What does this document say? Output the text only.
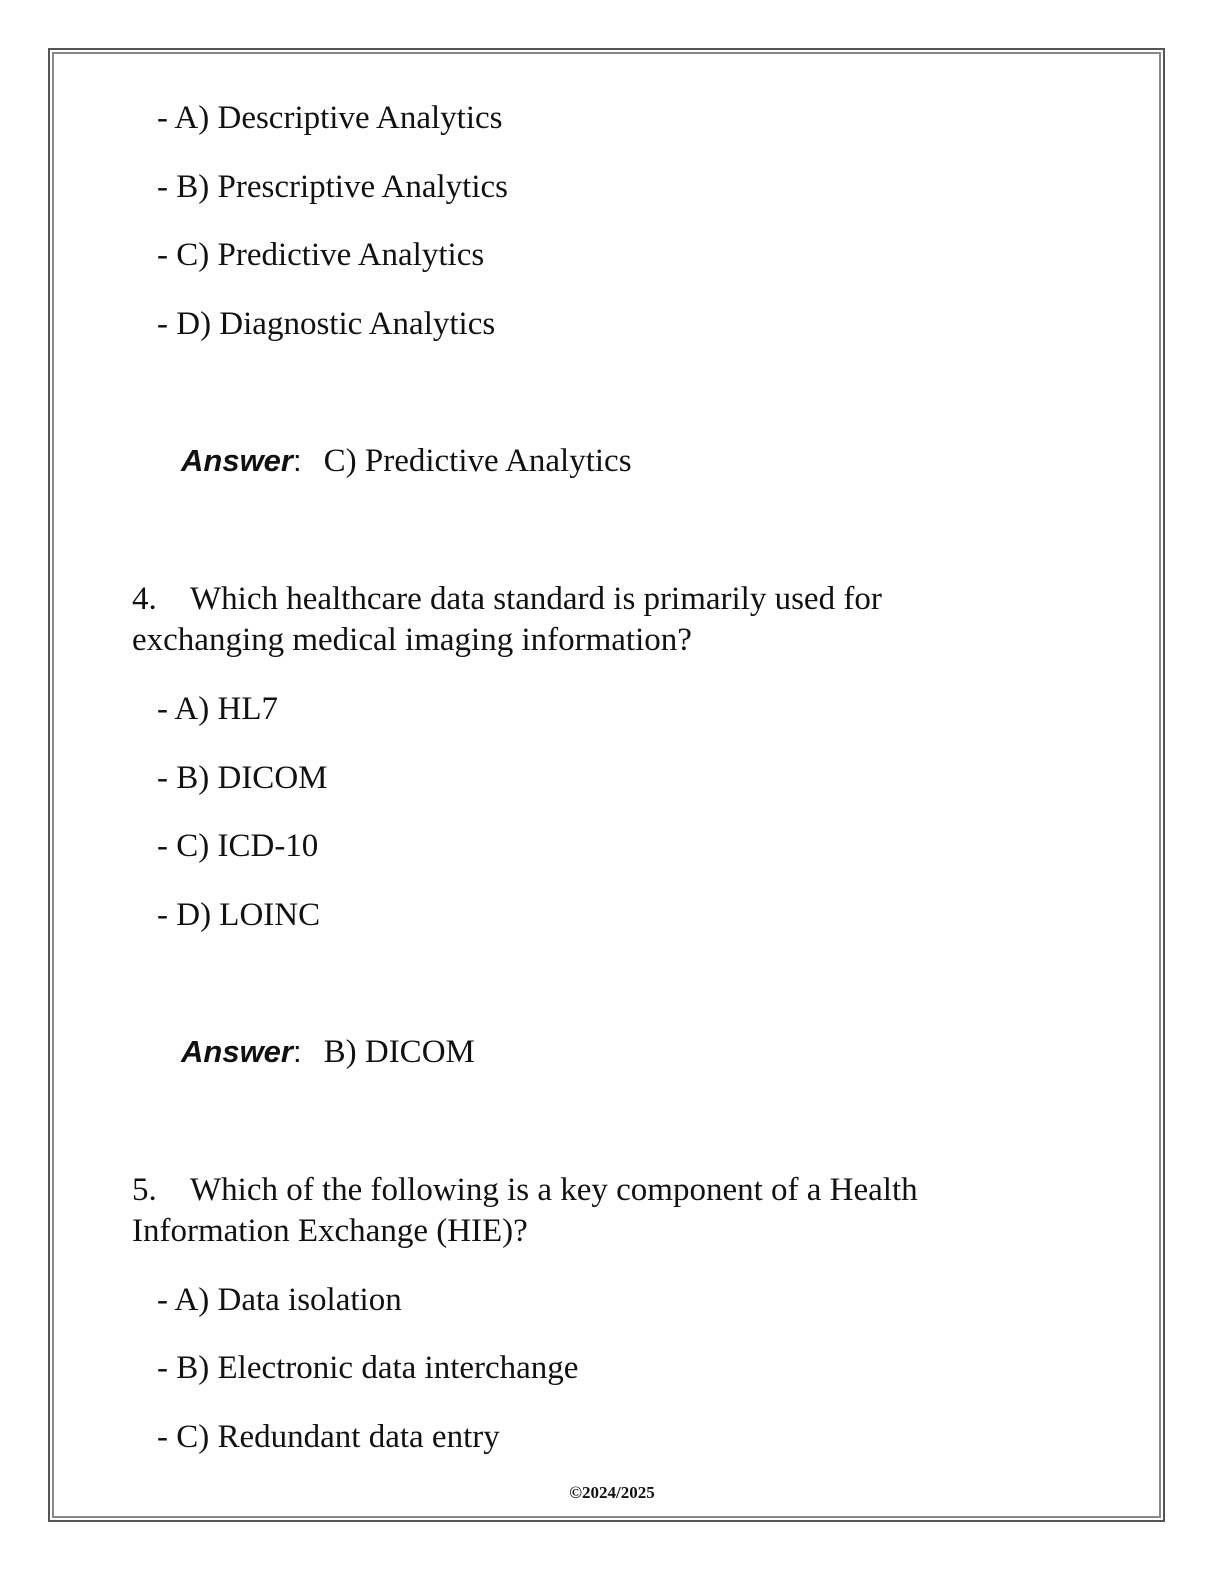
- A) Descriptive Analytics
- B) Prescriptive Analytics
- C) Predictive Analytics
- D) Diagnostic Analytics
Answer: C) Predictive Analytics
4. Which healthcare data standard is primarily used for
exchanging medical imaging information?
- A) HL7
- B) DICOM
- C) ICD-10
- D) LOINC
Answer: B) DICOM
5. Which of the following is a key component of a Health
Information Exchange (HIE)?
- A) Data isolation
- B) Electronic data interchange
- C) Redundant data entry
©2024/2025
